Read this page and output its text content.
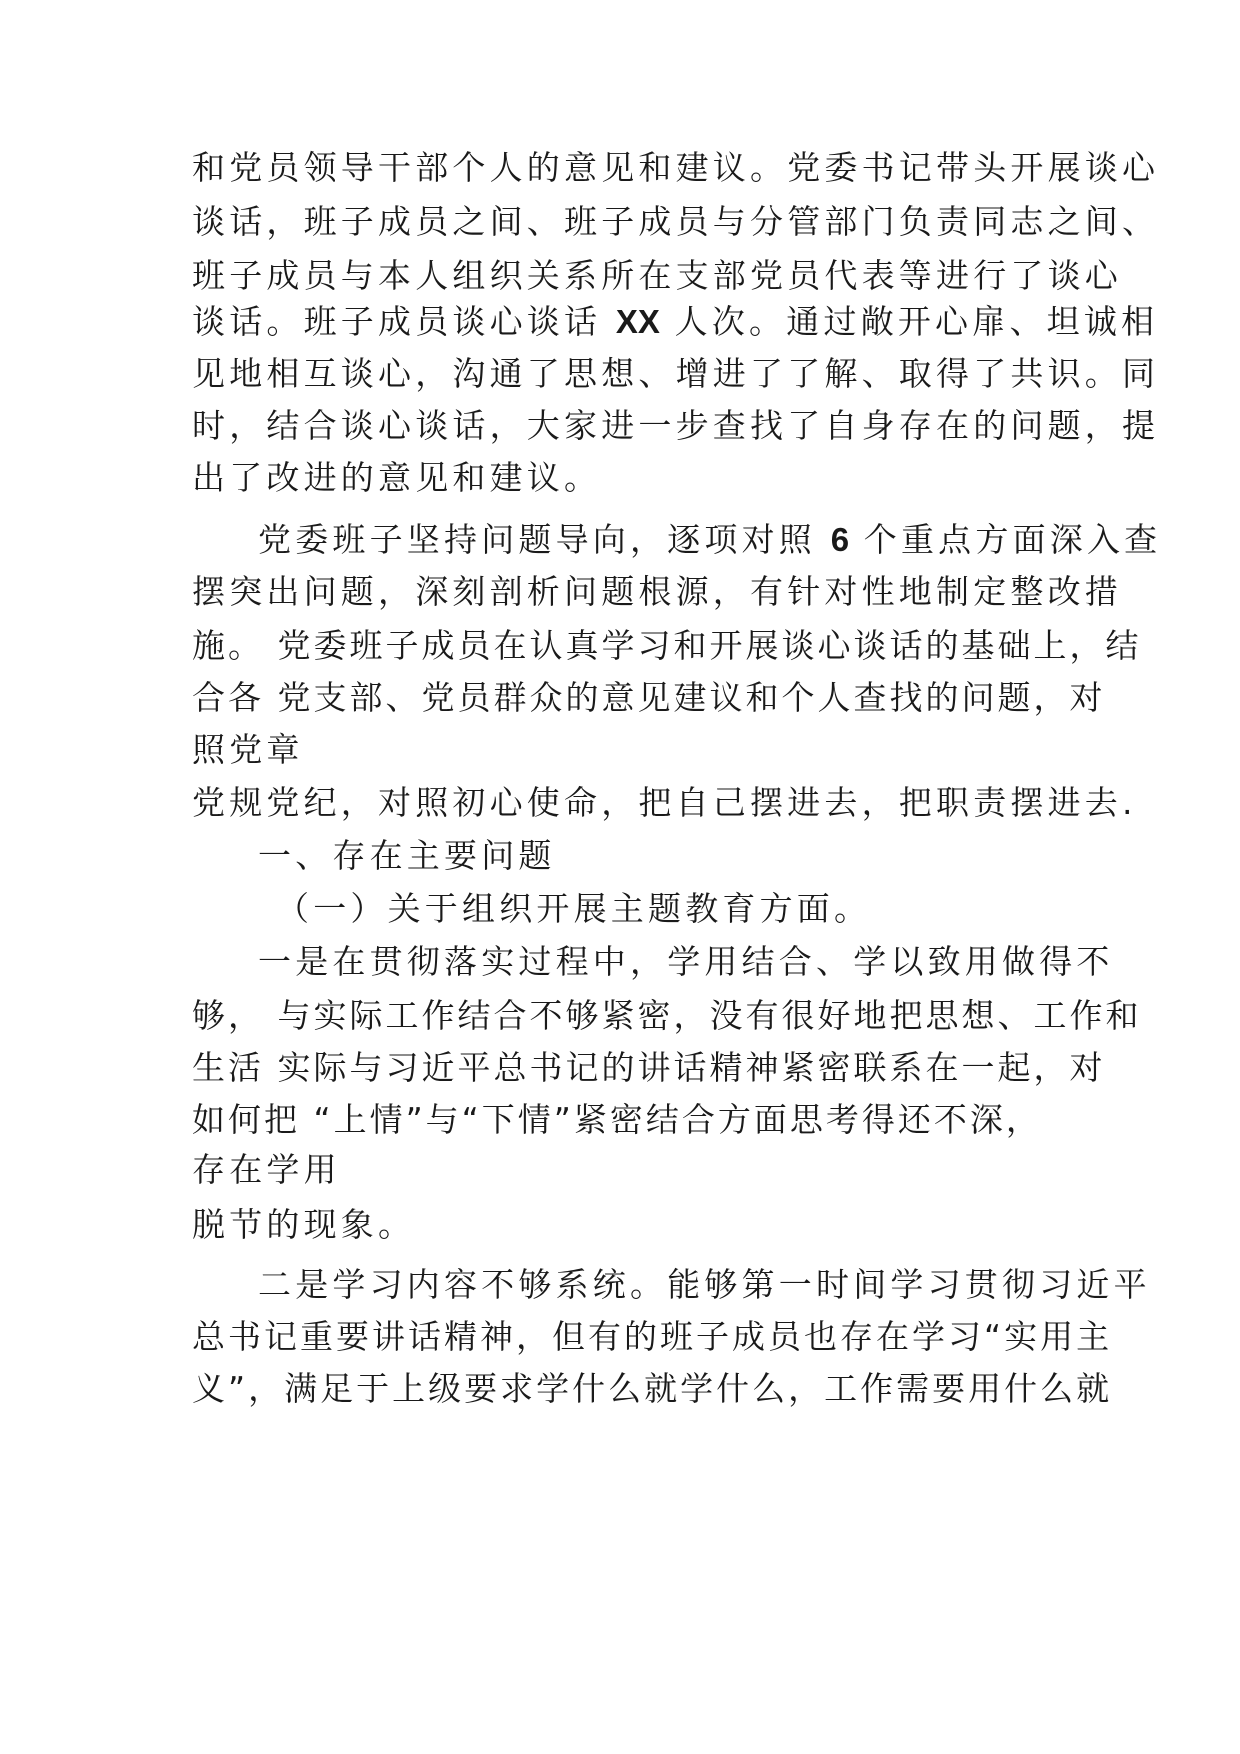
和党员领导干部个人的意见和建议。党委书记带头开展谈心
谈话，班子成员之间、班子成员与分管部门负责同志之间、
班子成员与本人组织关系所在支部党员代表等进行了谈心
谈话。班子成员谈心谈话 XX 人次。通过敞开心扉、坦诚相
见地相互谈心，沟通了思想、增进了了解、取得了共识。同
时，结合谈心谈话，大家进一步查找了自身存在的问题，提
出了改进的意见和建议。
党委班子坚持问题导向，逐项对照 6 个重点方面深入查
摆突出问题，深刻剖析问题根源，有针对性地制定整改措
施。 党委班子成员在认真学习和开展谈心谈话的基础上，结
合各 党支部、党员群众的意见建议和个人查找的问题，对
照党章
党规党纪，对照初心使命，把自己摆进去，把职责摆进去.
一、存在主要问题
（一）关于组织开展主题教育方面。
一是在贯彻落实过程中，学用结合、学以致用做得不
够， 与实际工作结合不够紧密，没有很好地把思想、工作和
生活 实际与习近平总书记的讲话精神紧密联系在一起，对
如何把 “上情”与“下情”紧密结合方面思考得还不深，
存在学用
脱节的现象。
二是学习内容不够系统。能够第一时间学习贯彻习近平
总书记重要讲话精神，但有的班子成员也存在学习“实用主
义”，满足于上级要求学什么就学什么，工作需要用什么就
